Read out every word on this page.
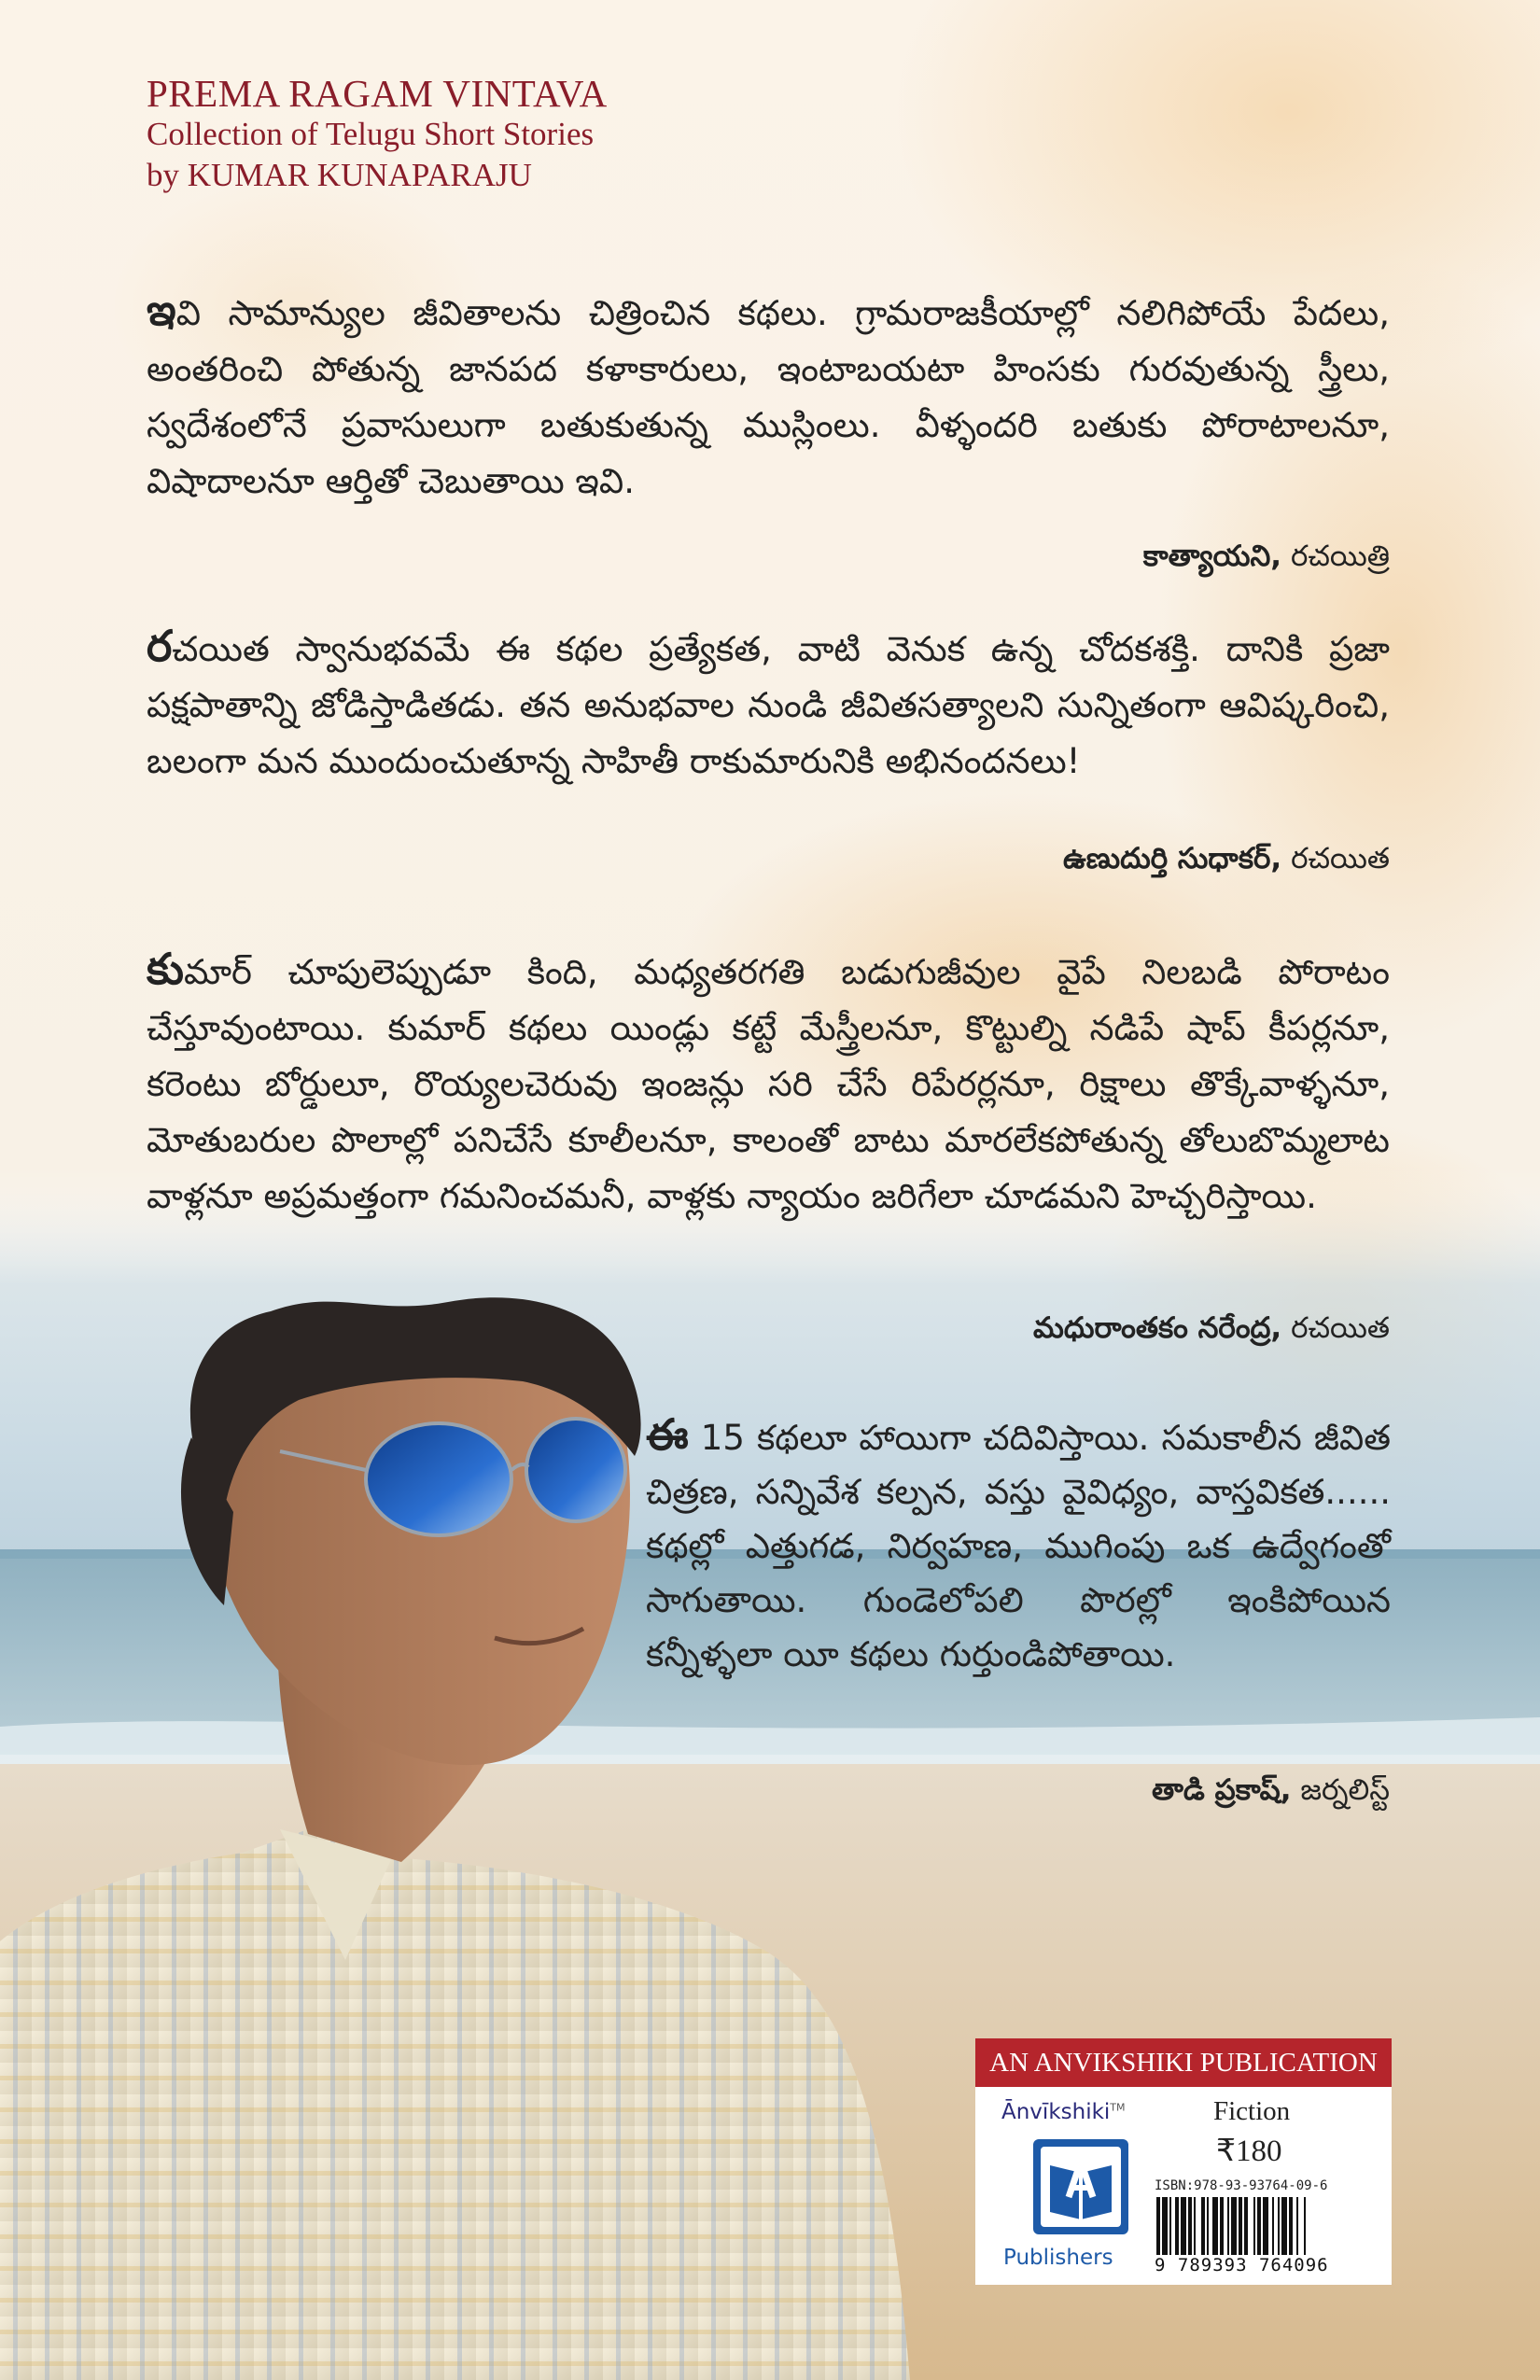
PREMA RAGAM VINTAVA
Collection of Telugu Short Stories
by KUMAR KUNAPARAJU
ఇవి సామాన్యుల జీవితాలను చిత్రించిన కథలు. గ్రామరాజకీయాల్లో నలిగిపోయే పేదలు, అంతరించి పోతున్న జానపద కళాకారులు, ఇంటాబయటా హింసకు గురవుతున్న స్త్రీలు, స్వదేశంలోనే ప్రవాసులుగా బతుకుతున్న ముస్లింలు. వీళ్ళందరి బతుకు పోరాటాలనూ, విషాదాలనూ ఆర్తితో చెబుతాయి ఇవి.
కాత్యాయని, రచయిత్రి
రచయిత స్వానుభవమే ఈ కథల ప్రత్యేకత, వాటి వెనుక ఉన్న చోదకశక్తి. దానికి ప్రజా పక్షపాతాన్ని జోడిస్తాడితడు. తన అనుభవాల నుండి జీవితసత్యాలని సున్నితంగా ఆవిష్కరించి, బలంగా మన ముందుంచుతూన్న సాహితీ రాకుమారునికి అభినందనలు!
ఉణుదుర్తి సుధాకర్, రచయిత
కుమార్ చూపులెప్పుడూ కింది, మధ్యతరగతి బడుగుజీవుల వైపే నిలబడి పోరాటం చేస్తూవుంటాయి. కుమార్ కథలు యిండ్లు కట్టే మేస్త్రీలనూ, కొట్టుల్ని నడిపే షాప్ కీపర్లనూ, కరెంటు బోర్డులూ, రొయ్యలచెరువు ఇంజన్లు సరి చేసే రిపేరర్లనూ, రిక్షాలు తొక్కేవాళ్ళనూ, మోతుబరుల పొలాల్లో పనిచేసే కూలీలనూ, కాలంతో బాటు మారలేకపోతున్న తోలుబొమ్మలాట వాళ్లనూ అప్రమత్తంగా గమనించమనీ, వాళ్లకు న్యాయం జరిగేలా చూడమని హెచ్చరిస్తాయి.
మధురాంతకం నరేంద్ర, రచయిత
ఈ 15 కథలూ హాయిగా చదివిస్తాయి. సమకాలీన జీవిత చిత్రణ, సన్నివేశ కల్పన, వస్తు వైవిధ్యం, వాస్తవికత...... కథల్లో ఎత్తుగడ, నిర్వహణ, ముగింపు ఒక ఉద్వేగంతో సాగుతాయి. గుండెలోపలి పొరల్లో ఇంకిపోయిన కన్నీళ్ళలా యీ కథలు గుర్తుండిపోతాయి.
తాడి ప్రకాష్, జర్నలిస్ట్
AN ANVIKSHIKI PUBLICATION
Ānvīkshiki™
Publishers
Fiction
₹180
ISBN:978-93-93764-09-6
9 789393 764096
